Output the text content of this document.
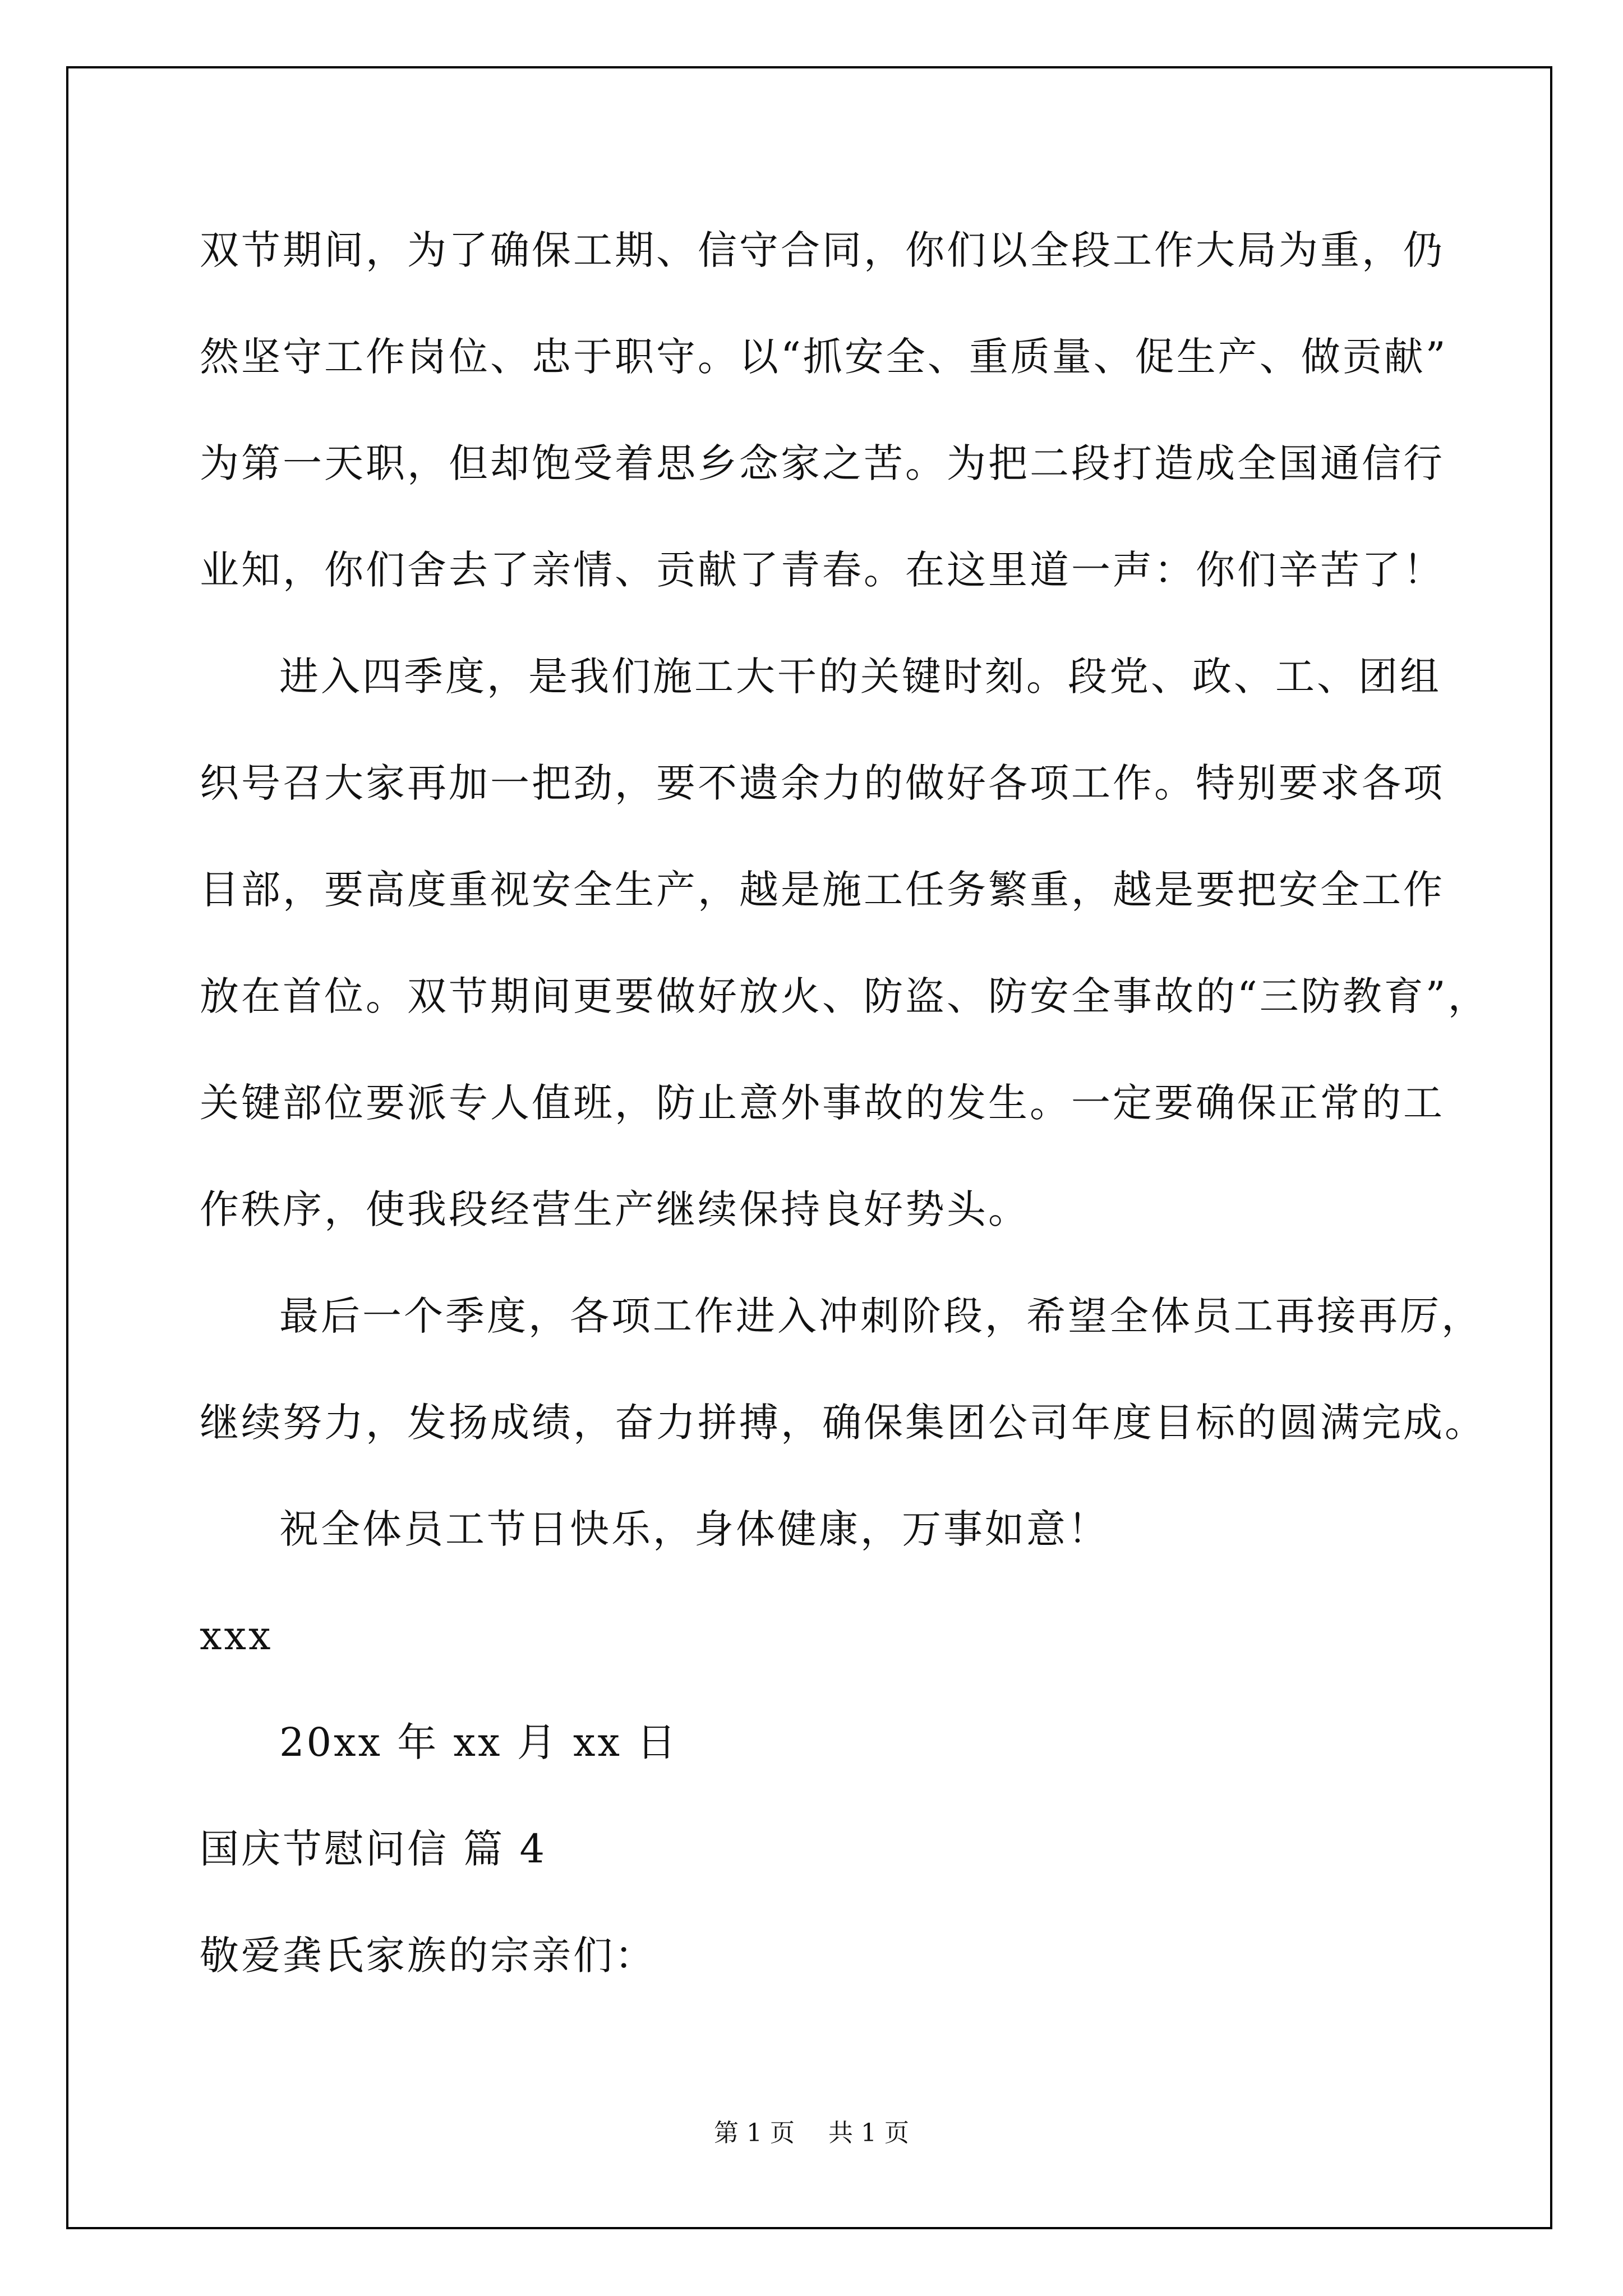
双节期间，为了确保工期、信守合同，你们以全段工作大局为重，仍
然坚守工作岗位、忠于职守。以“抓安全、重质量、促生产、做贡献”
为第一天职，但却饱受着思乡念家之苦。为把二段打造成全国通信行
业知，你们舍去了亲情、贡献了青春。在这里道一声：你们辛苦了！
进入四季度，是我们施工大干的关键时刻。段党、政、工、团组
织号召大家再加一把劲，要不遗余力的做好各项工作。特别要求各项
目部，要高度重视安全生产，越是施工任务繁重，越是要把安全工作
放在首位。双节期间更要做好放火、防盗、防安全事故的“三防教育”，
关键部位要派专人值班，防止意外事故的发生。一定要确保正常的工
作秩序，使我段经营生产继续保持良好势头。
最后一个季度，各项工作进入冲刺阶段，希望全体员工再接再厉，
继续努力，发扬成绩，奋力拼搏，确保集团公司年度目标的圆满完成。
祝全体员工节日快乐，身体健康，万事如意！
xxx
20xx 年 xx 月 xx 日
国庆节慰问信 篇 4
敬爱龚氏家族的宗亲们：
第 1 页 共 1 页
